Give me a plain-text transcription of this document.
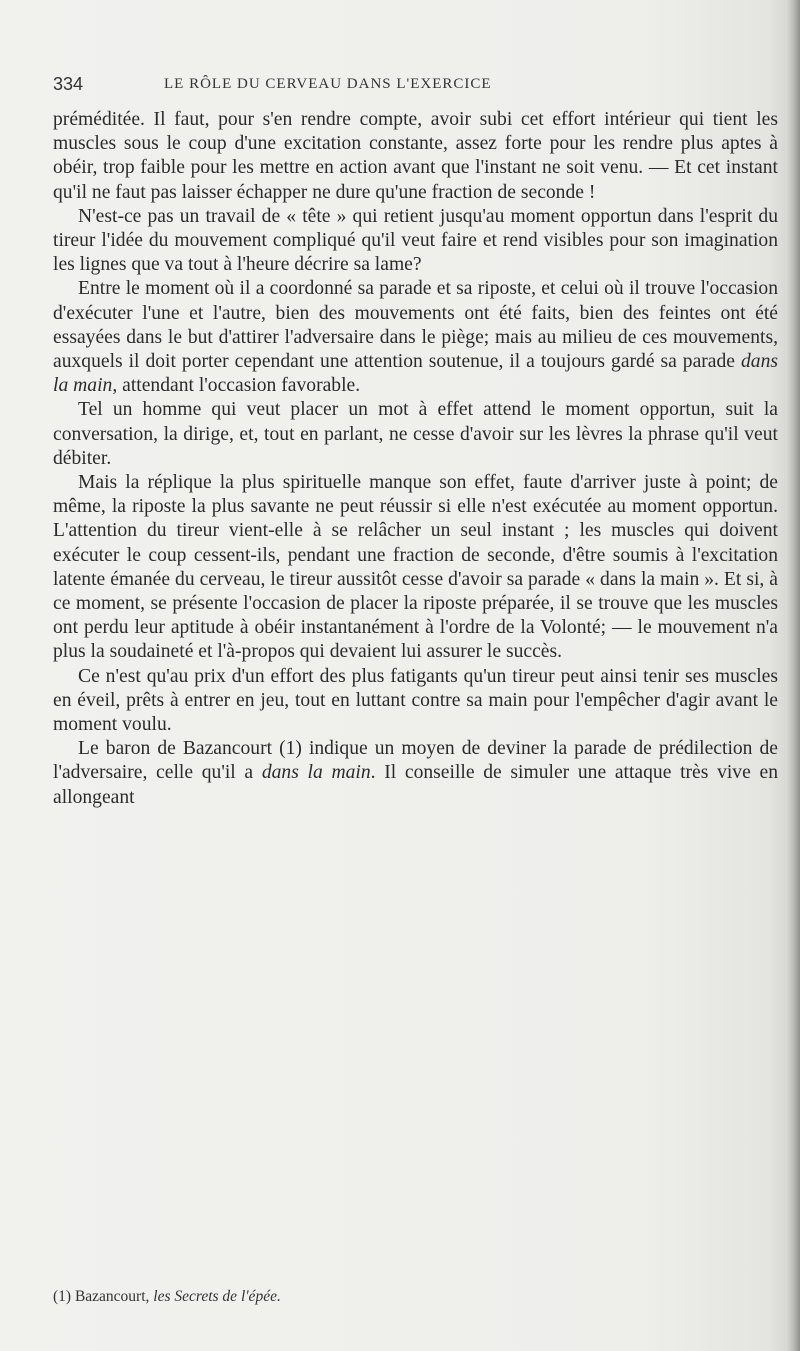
334	LE RÔLE DU CERVEAU DANS L'EXERCICE

préméditée. Il faut, pour s'en rendre compte, avoir subi cet effort intérieur qui tient les muscles sous le coup d'une excitation constante, assez forte pour les rendre plus aptes à obéir, trop faible pour les mettre en action avant que l'instant ne soit venu. — Et cet instant qu'il ne faut pas laisser échapper ne dure qu'une fraction de seconde !

N'est-ce pas un travail de « tête » qui retient jusqu'au moment opportun dans l'esprit du tireur l'idée du mouvement compliqué qu'il veut faire et rend visibles pour son imagination les lignes que va tout à l'heure décrire sa lame?

Entre le moment où il a coordonné sa parade et sa riposte, et celui où il trouve l'occasion d'exécuter l'une et l'autre, bien des mouvements ont été faits, bien des feintes ont été essayées dans le but d'attirer l'adversaire dans le piège; mais au milieu de ces mouvements, auxquels il doit porter cependant une attention soutenue, il a toujours gardé sa parade dans la main, attendant l'occasion favorable.

Tel un homme qui veut placer un mot à effet attend le moment opportun, suit la conversation, la dirige, et, tout en parlant, ne cesse d'avoir sur les lèvres la phrase qu'il veut débiter.

Mais la réplique la plus spirituelle manque son effet, faute d'arriver juste à point; de même, la riposte la plus savante ne peut réussir si elle n'est exécutée au moment opportun. L'attention du tireur vient-elle à se relâcher un seul instant ; les muscles qui doivent exécuter le coup cessent-ils, pendant une fraction de seconde, d'être soumis à l'excitation latente émanée du cerveau, le tireur aussitôt cesse d'avoir sa parade « dans la main ». Et si, à ce moment, se présente l'occasion de placer la riposte préparée, il se trouve que les muscles ont perdu leur aptitude à obéir instantanément à l'ordre de la Volonté; — le mouvement n'a plus la soudaineté et l'à-propos qui devaient lui assurer le succès.

Ce n'est qu'au prix d'un effort des plus fatigants qu'un tireur peut ainsi tenir ses muscles en éveil, prêts à entrer en jeu, tout en luttant contre sa main pour l'empêcher d'agir avant le moment voulu.

Le baron de Bazancourt (1) indique un moyen de deviner la parade de prédilection de l'adversaire, celle qu'il a dans la main. Il conseille de simuler une attaque très vive en allongeant

(1) Bazancourt, les Secrets de l'épée.
